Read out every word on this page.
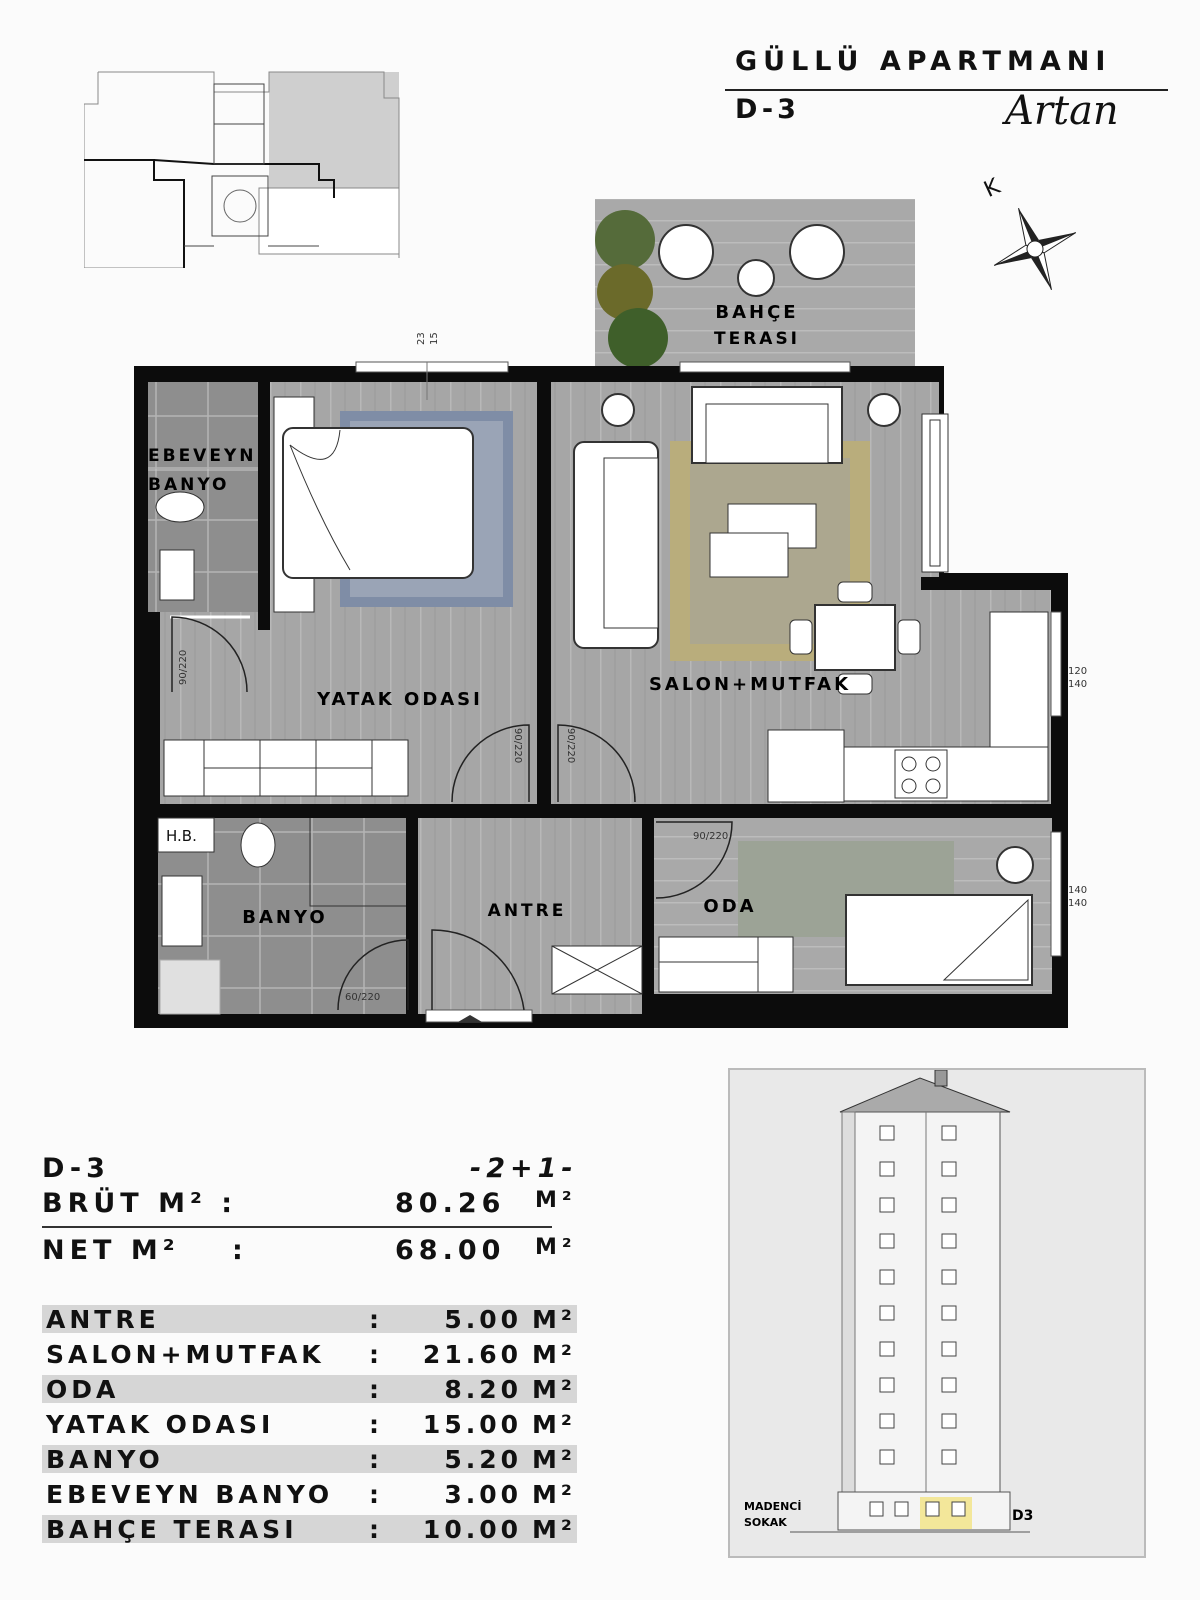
GÜLLÜ APARTMANI
D-3	Artan
K
BAHÇE
TERASI
23 15
EBEVEYN
BANYO
90/220
YATAK ODASI
90/220
SALON+MUTFAK
120
140
90/220
H.B.
BANYO
60/220
ANTRE
90/220
ODA
140
140
D-3	-2+1-
BRÜT M² :	80.26 M²
NET M² :	68.00 M²
ANTRE	:	5.00 M²
SALON+MUTFAK :	21.60 M²
ODA	:	8.20 M²
YATAK ODASI	:	15.00 M²
BANYO	:	5.20 M²
EBEVEYN BANYO :	3.00 M²
BAHÇE TERASI	:	10.00 M²
MADENCİ
SOKAK	D3
